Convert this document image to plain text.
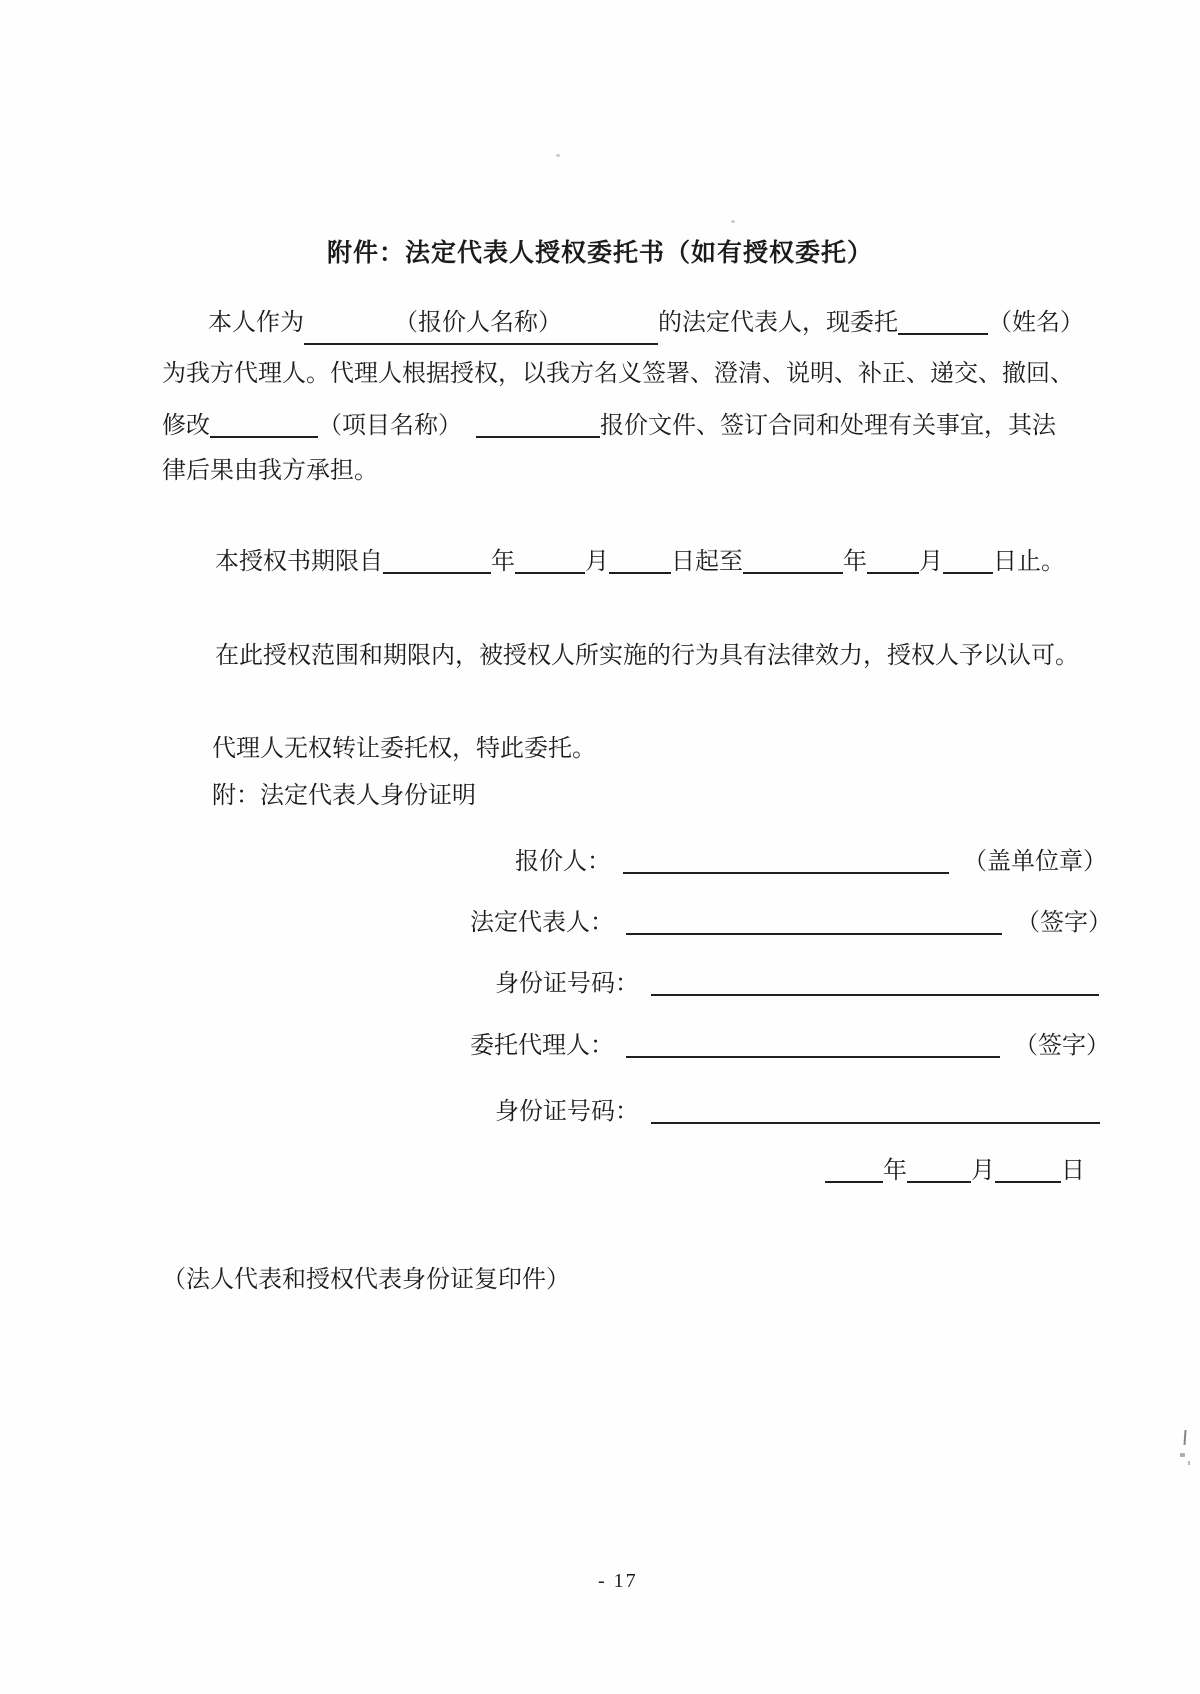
附件：法定代表人授权委托书（如有授权委托）
本人作为	（报价人名称）	的法定代表人，现委托	（姓名）
为我方代理人。代理人根据授权，以我方名义签署、澄清、说明、补正、递交、撤回、
修改	（项目名称）	报价文件、签订合同和处理有关事宜，其法
律后果由我方承担。
本授权书期限自	年	月	日起至	年 月 日止。
在此授权范围和期限内，被授权人所实施的行为具有法律效力，授权人予以认可。
代理人无权转让委托权，特此委托。
附：法定代表人身份证明
报价人：	（盖单位章）
法定代表人：	（签字）
身份证号码：
委托代理人：	（签字）
身份证号码：
年	月	日
（法人代表和授权代表身份证复印件）
- 17
